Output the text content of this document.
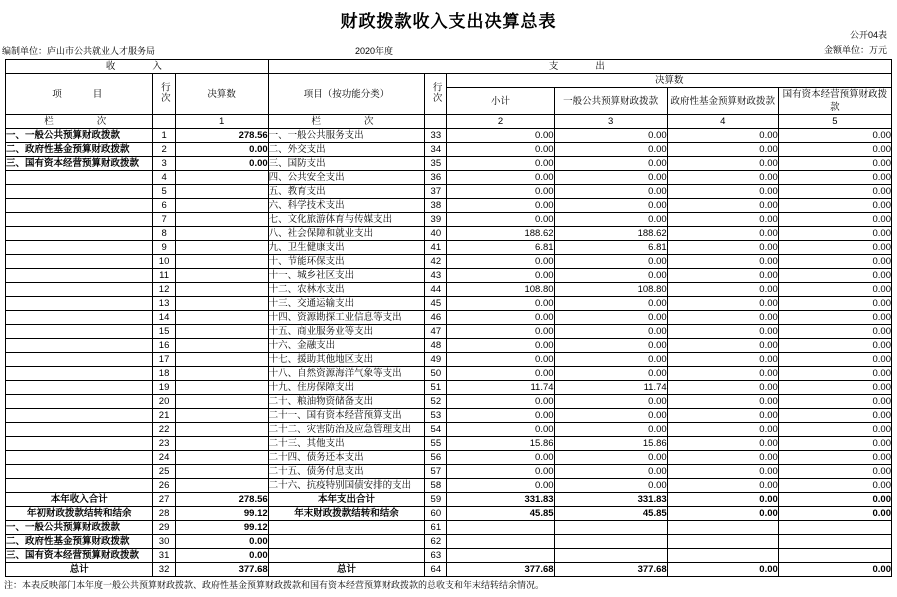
财政拨款收入支出决算总表
公开04表
金额单位：万元
编制单位：庐山市公共就业人才服务局	2020年度
收　　入			支　　出					
项　　目	行次	决算数	项目（按功能分类）	行次	决算数			
					小计	一般公共预算财政拨款	政府性基金预算财政拨款	国有资本经营预算财政拨款

栏　　次		1	栏　　次		2	3	4	5
一、一般公共预算财政拨款	1	278.56	一、一般公共服务支出	33	0.00	0.00	0.00	0.00
二、政府性基金预算财政拨款	2	0.00	二、外交支出	34	0.00	0.00	0.00	0.00
三、国有资本经营预算财政拨款	3	0.00	三、国防支出	35	0.00	0.00	0.00	0.00
	4		四、公共安全支出	36	0.00	0.00	0.00	0.00
	5		五、教育支出	37	0.00	0.00	0.00	0.00
	6		六、科学技术支出	38	0.00	0.00	0.00	0.00
	7		七、文化旅游体育与传媒支出	39	0.00	0.00	0.00	0.00
	8		八、社会保障和就业支出	40	188.62	188.62	0.00	0.00
	9		九、卫生健康支出	41	6.81	6.81	0.00	0.00
	10		十、节能环保支出	42	0.00	0.00	0.00	0.00
	11		十一、城乡社区支出	43	0.00	0.00	0.00	0.00
	12		十二、农林水支出	44	108.80	108.80	0.00	0.00
	13		十三、交通运输支出	45	0.00	0.00	0.00	0.00
	14		十四、资源勘探工业信息等支出	46	0.00	0.00	0.00	0.00
	15		十五、商业服务业等支出	47	0.00	0.00	0.00	0.00
	16		十六、金融支出	48	0.00	0.00	0.00	0.00
	17		十七、援助其他地区支出	49	0.00	0.00	0.00	0.00
	18		十八、自然资源海洋气象等支出	50	0.00	0.00	0.00	0.00
	19		十九、住房保障支出	51	11.74	11.74	0.00	0.00
	20		二十、粮油物资储备支出	52	0.00	0.00	0.00	0.00
	21		二十一、国有资本经营预算支出	53	0.00	0.00	0.00	0.00
	22		二十二、灾害防治及应急管理支出	54	0.00	0.00	0.00	0.00
	23		二十三、其他支出	55	15.86	15.86	0.00	0.00
	24		二十四、债务还本支出	56	0.00	0.00	0.00	0.00
	25		二十五、债务付息支出	57	0.00	0.00	0.00	0.00
	26		二十六、抗疫特别国债安排的支出	58	0.00	0.00	0.00	0.00
本年收入合计	27	278.56	本年支出合计	59	331.83	331.83	0.00	0.00
年初财政拨款结转和结余	28	99.12	年末财政拨款结转和结余	60	45.85	45.85	0.00	0.00
一、一般公共预算财政拨款	29	99.12		61				
二、政府性基金预算财政拨款	30	0.00		62				
三、国有资本经营预算财政拨款	31	0.00		63				
总计	32	377.68	总计	64	377.68	377.68	0.00	0.00
注：本表反映部门本年度一般公共预算财政拨款、政府性基金预算财政拨款和国有资本经营预算财政拨款的总收支和年末结转结余情况。
